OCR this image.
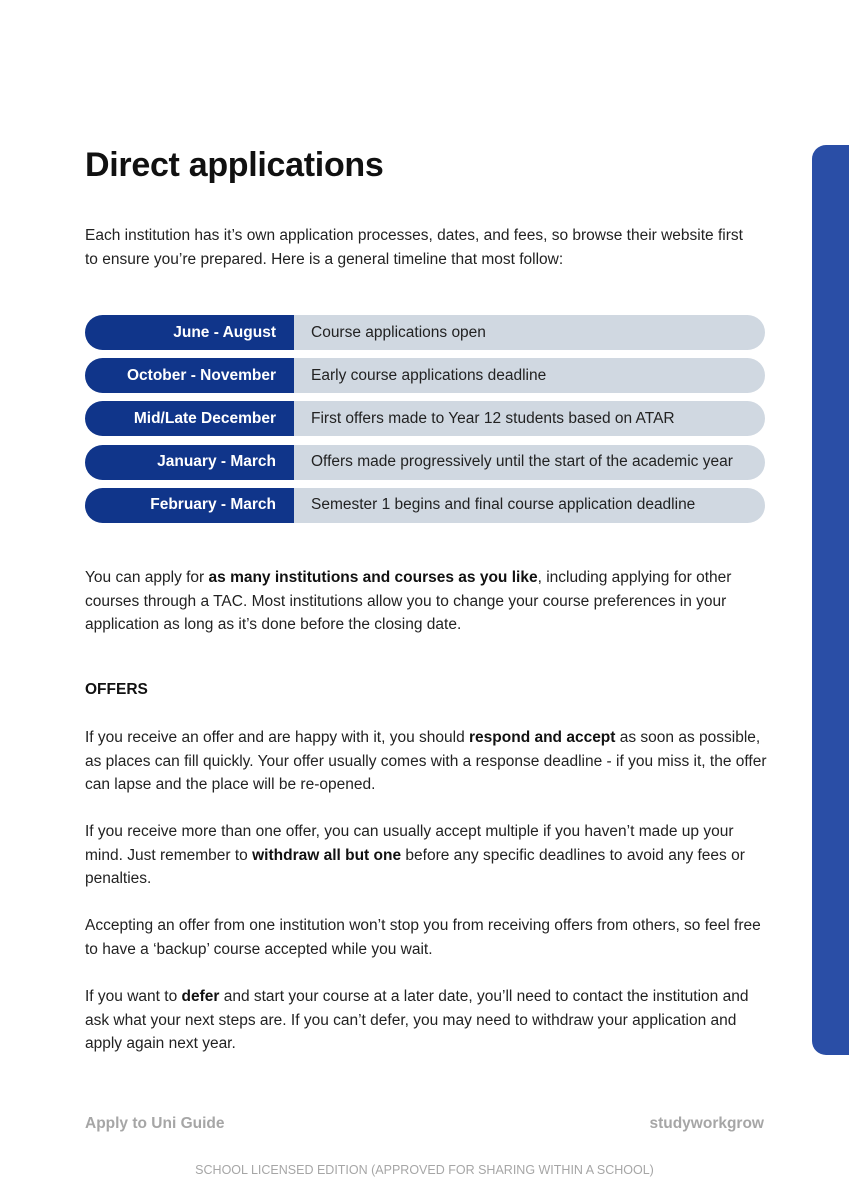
Direct applications

Each institution has it’s own application processes, dates, and fees, so browse their website first
to ensure you’re prepared. Here is a general timeline that most follow:

June - August	Course applications open
October - November	Early course applications deadline
Mid/Late December	First offers made to Year 12 students based on ATAR
January - March	Offers made progressively until the start of the academic year
February - March	Semester 1 begins and final course application deadline

You can apply for as many institutions and courses as you like, including applying for other courses through a TAC. Most institutions allow you to change your course preferences in your application as long as it’s done before the closing date.

OFFERS

If you receive an offer and are happy with it, you should respond and accept as soon as possible, as places can fill quickly. Your offer usually comes with a response deadline - if you miss it, the offer can lapse and the place will be re-opened.

If you receive more than one offer, you can usually accept multiple if you haven’t made up your mind. Just remember to withdraw all but one before any specific deadlines to avoid any fees or penalties.

Accepting an offer from one institution won’t stop you from receiving offers from others, so feel free to have a ‘backup’ course accepted while you wait.

If you want to defer and start your course at a later date, you’ll need to contact the institution and ask what your next steps are. If you can’t defer, you may need to withdraw your application and apply again next year.

Apply to Uni Guide	studyworkgrow
SCHOOL LICENSED EDITION (APPROVED FOR SHARING WITHIN A SCHOOL)
